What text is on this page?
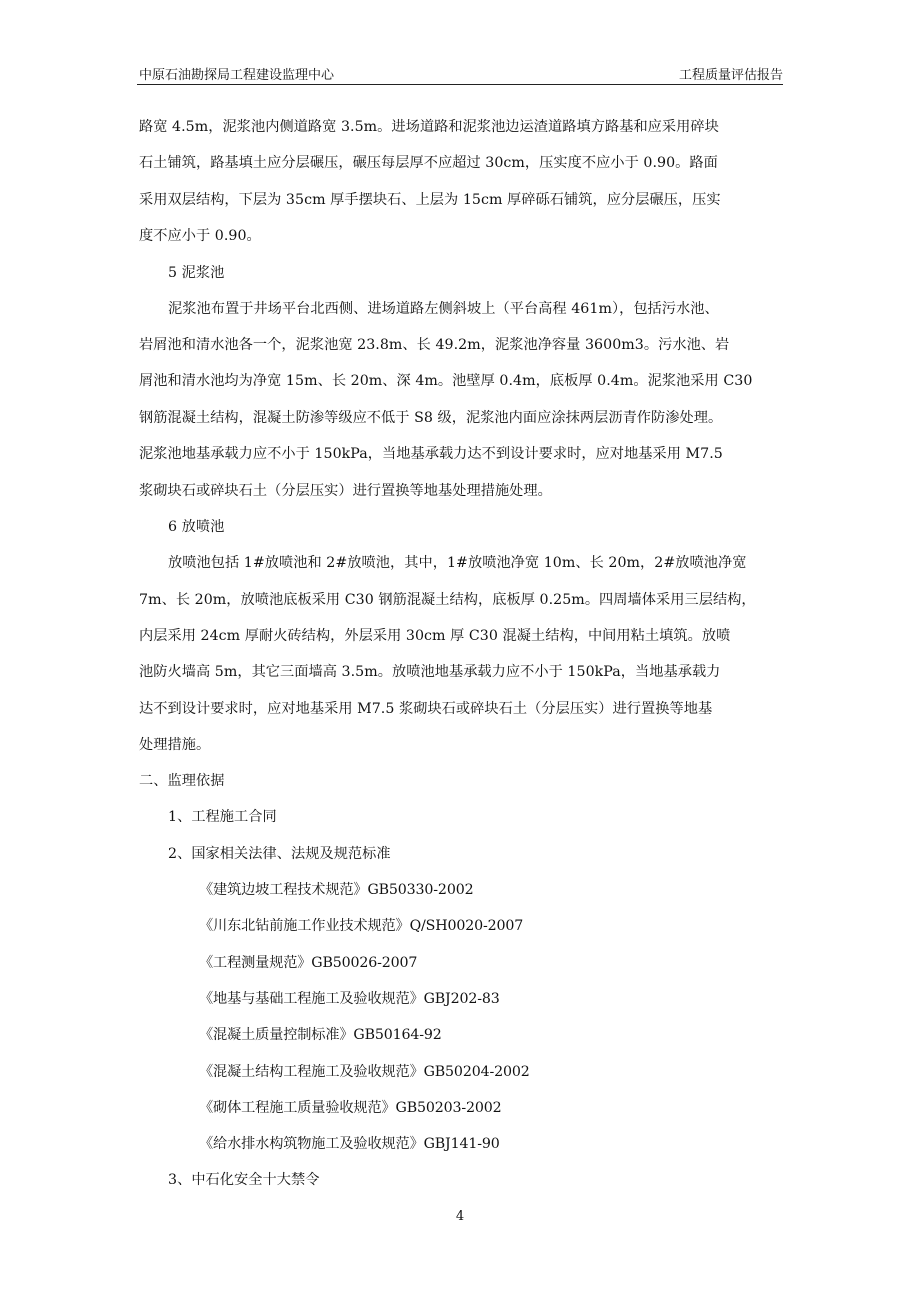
中原石油勘探局工程建设监理中心	工程质量评估报告
路宽 4.5m，泥浆池内侧道路宽 3.5m。进场道路和泥浆池边运渣道路填方路基和应采用碎块
石土铺筑，路基填土应分层碾压，碾压每层厚不应超过 30cm，压实度不应小于 0.90。路面
采用双层结构，下层为 35cm 厚手摆块石、上层为 15cm 厚碎砾石铺筑，应分层碾压，压实
度不应小于 0.90。
5 泥浆池
泥浆池布置于井场平台北西侧、进场道路左侧斜坡上（平台高程 461m），包括污水池、
岩屑池和清水池各一个，泥浆池宽 23.8m、长 49.2m，泥浆池净容量 3600m3。污水池、岩
屑池和清水池均为净宽 15m、长 20m、深 4m。池壁厚 0.4m，底板厚 0.4m。泥浆池采用 C30
钢筋混凝土结构，混凝土防渗等级应不低于 S8 级，泥浆池内面应涂抹两层沥青作防渗处理。
泥浆池地基承载力应不小于 150kPa，当地基承载力达不到设计要求时，应对地基采用 M7.5
浆砌块石或碎块石土（分层压实）进行置换等地基处理措施处理。
6 放喷池
放喷池包括 1#放喷池和 2#放喷池，其中，1#放喷池净宽 10m、长 20m，2#放喷池净宽
7m、长 20m，放喷池底板采用 C30 钢筋混凝土结构，底板厚 0.25m。四周墙体采用三层结构，
内层采用 24cm 厚耐火砖结构，外层采用 30cm 厚 C30 混凝土结构，中间用粘土填筑。放喷
池防火墙高 5m，其它三面墙高 3.5m。放喷池地基承载力应不小于 150kPa，当地基承载力
达不到设计要求时，应对地基采用 M7.5 浆砌块石或碎块石土（分层压实）进行置换等地基
处理措施。
二、监理依据
1、工程施工合同
2、国家相关法律、法规及规范标准
《建筑边坡工程技术规范》GB50330-2002
《川东北钻前施工作业技术规范》Q/SH0020-2007
《工程测量规范》GB50026-2007
《地基与基础工程施工及验收规范》GBJ202-83
《混凝土质量控制标准》GB50164-92
《混凝土结构工程施工及验收规范》GB50204-2002
《砌体工程施工质量验收规范》GB50203-2002
《给水排水构筑物施工及验收规范》GBJ141-90
3、中石化安全十大禁令
4
